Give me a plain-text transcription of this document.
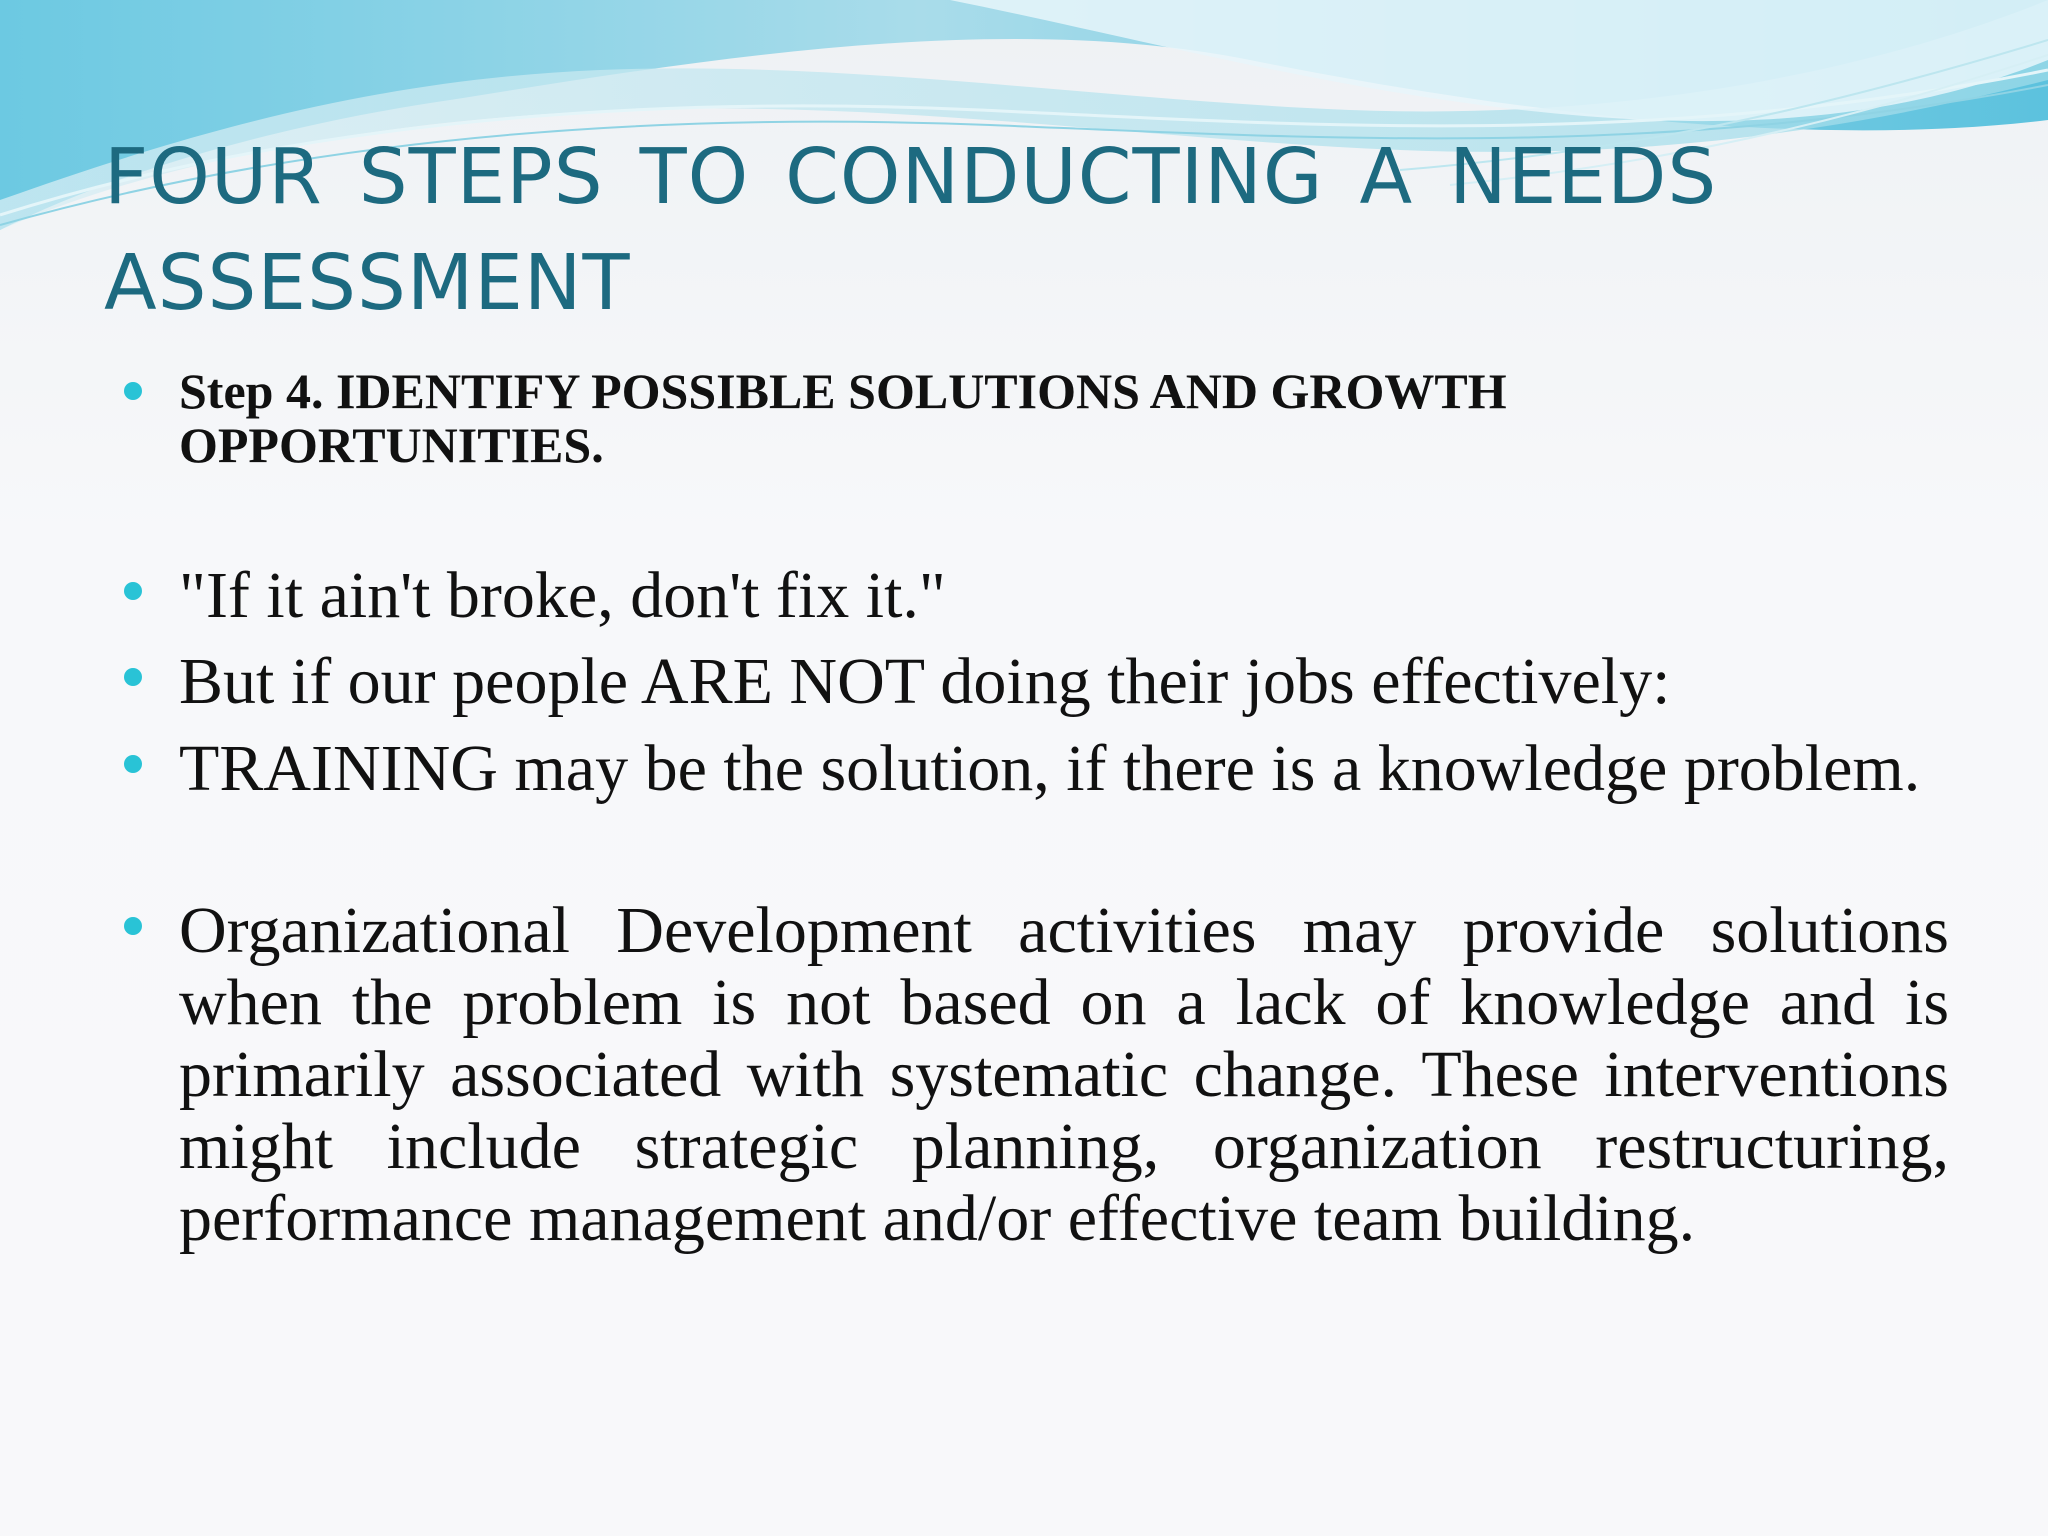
four steps to conducting a needs assessment
Step 4. IDENTIFY POSSIBLE SOLUTIONS AND GROWTH OPPORTUNITIES.
"If it ain't broke, don't fix it."
But if our people ARE NOT doing their jobs effectively:
TRAINING may be the solution, if there is a knowledge problem.
Organizational Development activities may provide solutions when the problem is not based on a lack of knowledge and is primarily associated with systematic change. These interventions might include strategic planning, organization restructuring, performance management and/or effective team building.
